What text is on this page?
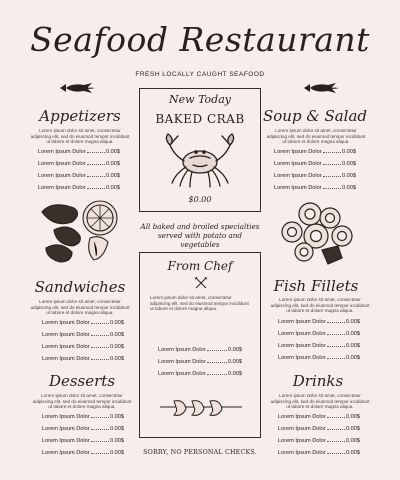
Seafood Restaurant
FRESH LOCALLY CAUGHT SEAFOOD
Appetizers
Lorem ipsum dolor sit amet, consectetur adipiscing elit, sed do eiusmod tempor incididunt ut labore et dolore magna aliqua.
Lorem Ipsum Dolor	0.00$
Lorem Ipsum Dolor	0.00$
Lorem Ipsum Dolor	0.00$
Lorem Ipsum Dolor	0.00$
Soup & Salad
Lorem ipsum dolor sit amet, consectetur adipiscing elit, sed do eiusmod tempor incididunt ut labore et dolore magna aliqua.
Lorem Ipsum Dolor	0.00$
Lorem Ipsum Dolor	0.00$
Lorem Ipsum Dolor	0.00$
Lorem Ipsum Dolor	0.00$
New Today
BAKED CRAB
$0.00
All baked and broiled specialties served with potato and vegetables
From Chef
Lorem ipsum dolor sit amet, consectetur adipiscing elit, sed do eiusmod tempor incididunt ut labore et dolore magna aliqua.
Lorem Ipsum Dolor	0.00$
Lorem Ipsum Dolor	0.00$
Lorem Ipsum Dolor	0.00$
Sandwiches
Lorem ipsum dolor sit amet, consectetur adipiscing elit, sed do eiusmod tempor incididunt ut labore et dolore magna aliqua.
Lorem Ipsum Dolor	0.00$
Lorem Ipsum Dolor	0.00$
Lorem Ipsum Dolor	0.00$
Lorem Ipsum Dolor	0.00$
Fish Fillets
Lorem ipsum dolor sit amet, consectetur adipiscing elit, sed do eiusmod tempor incididunt ut labore et dolore magna aliqua.
Lorem Ipsum Dolor	0.00$
Lorem Ipsum Dolor	0.00$
Lorem Ipsum Dolor	0.00$
Lorem Ipsum Dolor	0.00$
Desserts
Lorem ipsum dolor sit amet, consectetur adipiscing elit, sed do eiusmod tempor incididunt ut labore et dolore magna aliqua.
Lorem Ipsum Dolor	0.00$
Lorem Ipsum Dolor	0.00$
Lorem Ipsum Dolor	0.00$
Lorem Ipsum Dolor	0.00$
Drinks
Lorem ipsum dolor sit amet, consectetur adipiscing elit, sed do eiusmod tempor incididunt ut labore et dolore magna aliqua.
Lorem Ipsum Dolor	0.00$
Lorem Ipsum Dolor	0.00$
Lorem Ipsum Dolor	0.00$
Lorem Ipsum Dolor	0.00$
SORRY, NO PERSONAL CHECKS.
